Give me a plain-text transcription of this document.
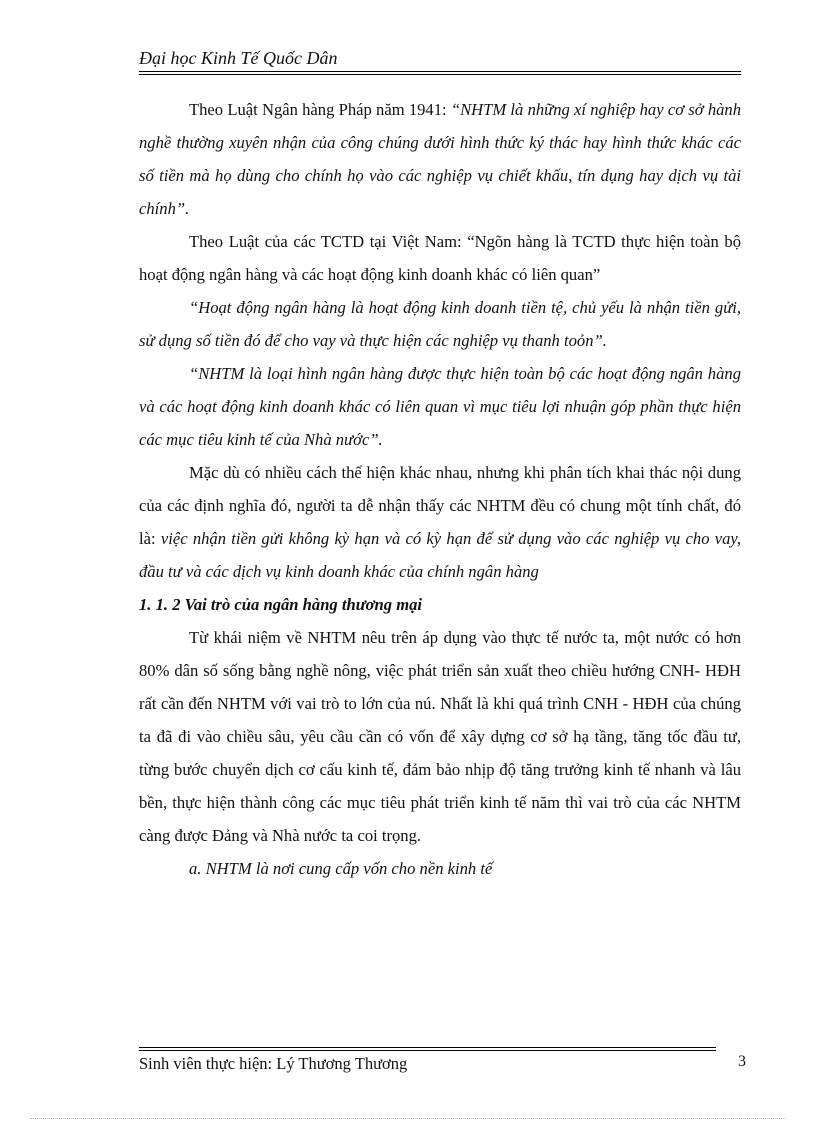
Đại học Kinh Tế Quốc Dân

Theo Luật Ngân hàng Pháp năm 1941: “NHTM là những xí nghiệp hay cơ sở hành nghề thường xuyên nhận của công chúng dưới hình thức ký thác hay hình thức khác các số tiền mà họ dùng cho chính họ vào các nghiệp vụ chiết khấu, tín dụng hay dịch vụ tài chính”.

Theo Luật của các TCTD tại Việt Nam: “Ngõn hàng là TCTD thực hiện toàn bộ hoạt động ngân hàng và các hoạt động kinh doanh khác có liên quan”

“Hoạt động ngân hàng là hoạt động kinh doanh tiền tệ, chủ yếu là nhận tiền gửi, sử dụng số tiền đó để cho vay và thực hiện các nghiệp vụ thanh toỏn”.

“NHTM là loại hình ngân hàng được thực hiện toàn bộ các hoạt động ngân hàng và các hoạt động kinh doanh khác có liên quan vì mục tiêu lợi nhuận góp phần thực hiện các mục tiêu kinh tế của Nhà nước”.

Mặc dù có nhiều cách thể hiện khác nhau, nhưng khi phân tích khai thác nội dung của các định nghĩa đó, người ta dễ nhận thấy các NHTM đều có chung một tính chất, đó là: việc nhận tiền gửi không kỳ hạn và có kỳ hạn để sử dụng vào các nghiệp vụ cho vay, đầu tư và các dịch vụ kinh doanh khác của chính ngân hàng

1. 1. 2 Vai trò của ngân hàng thương mại

Từ khái niệm về NHTM nêu trên áp dụng vào thực tế nước ta, một nước có hơn 80% dân số sống bằng nghề nông, việc phát triển sản xuất theo chiều hướng CNH- HĐH rất cần đến NHTM với vai trò to lớn của nú. Nhất là khi quá trình CNH - HĐH của chúng ta đã đi vào chiều sâu, yêu cầu cần có vốn để xây dựng cơ sở hạ tầng, tăng tốc đầu tư, từng bước chuyển dịch cơ cấu kinh tế, đảm bảo nhịp độ tăng trưởng kinh tế nhanh và lâu bền, thực hiện thành công các mục tiêu phát triển kinh tế năm thì vai trò của các NHTM càng được Đảng và Nhà nước ta coi trọng.

a. NHTM là nơi cung cấp vốn cho nền kinh tế

Sinh viên thực hiện: Lý Thương Thương	3
